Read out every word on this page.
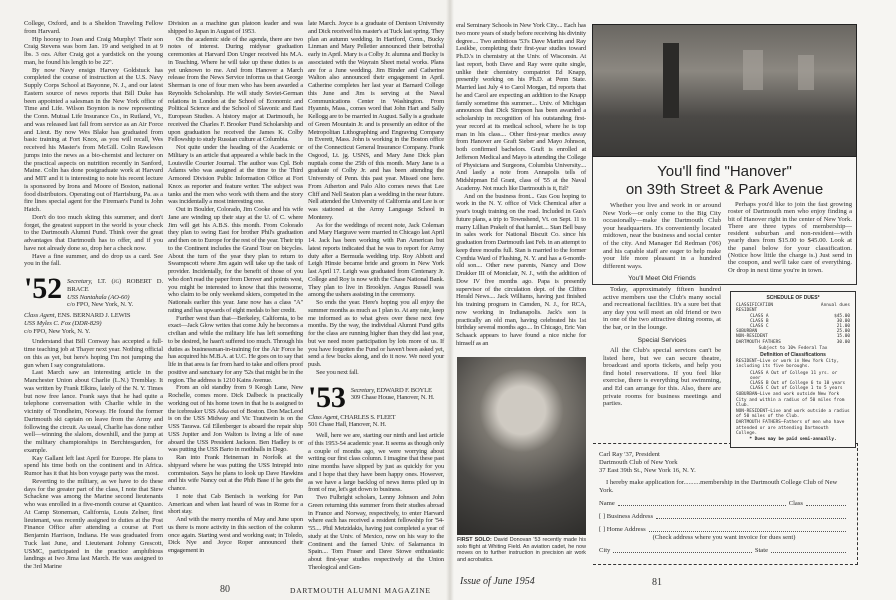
College, Oxford, and is a Sheldon Traveling Fellow from Harvard.

Hip hooray to Joan and Craig Murphy! Their son Craig Stevens was born Jan. 19 and weighed in at 9 lbs. 3 ozs. After Craig got a yardstick on the young man, he found his length to be 22".

By now Navy ensign Harvey Goldstuck has completed the course of instruction at the U.S. Navy Supply Corps School at Bayonne, N. J., and our latest Eastern source of news reports that Bill Duke has been appointed a salesman in the New York office of Time and Life. Wilson Boynton is now representing the Conn. Mutual Life Insurance Co., in Rutland, Vt., and was released last fall from service as an Air Force and Lieut. By now Wes Blake has graduated from basic training at Fort Knox, as you will recall, Wes received his Master's from McGill. Colin Rawleson jumps into the news as a bio-chemist and lecturer on the practical aspects on nutrition recently in Sanford, Maine. Colin has done postgraduate work at Harvard and MIT and it is interesting to note his recent lecture is sponsored by Irons and Moore of Boston, national food distributors. Operating out of Harrisburg, Pa. as a fire lines special agent for the Fireman's Fund is John Hatch.

Don't do too much skiing this summer, and don't forget, the greatest support in the world is your check to the Dartmouth Alumni Fund. Think over the great advantages that Dartmouth has to offer, and if you have not already done so, drop her a check now.

Have a fine summer, and do drop us a card. See you in the fall.

'52 Secretary, LT. (jg) ROBERT D. BRACE
USS Nantahala (AO-60)
c/o FPO, New York, N. Y.
Class Agent, ENS. BERNARD J. LEWIS
USS Myles C. Fox (DDR-829)
c/o FPO, New York, N. Y.

Understand that Bill Conway has accepted a full-time teaching job at Thayer next year. Nothing official on this as yet, but here's hoping I'm not jumping the gun when I say congratulations.

Last March saw an interesting article in the Manchester Union about Charlie (L.N.) Tremblay. It was written by Frank Elkins, lately of the N. Y. Times but now free lance. Frank says that he had quite a telephone conversation with Charlie while in the vicinity of Trondheim, Norway. He found the former Dartmouth ski captain on leave from the Army and following the circuit. As usual, Charlie has done rather well—winning the slalom, downhill, and the jump at the military championships in Berchtesgarden, for example.

Kay Gallant left last April for Europe. He plans to spend his time both on the continent and in Africa. Rumor has it that his bon voyage party was the most.

Reverting to the military, as we have to do these days for the greater part of the class, I note that Stew Schackne was among the Marine second lieutenants who was enrolled in a five-month course at Quantico. At Camp Stoneman, California, Louis Zelner, first lieutenant, was recently assigned to duties at the Post Finance Office after attending a course at Fort Benjamin Harrison, Indiana. He was graduated from Tuck last June, and Lieutenant Johnny Grescott, USMC, participated in the practice amphibious landings at Iwo Jima last March. He was assigned to the 3rd Marine

Division as a machine gun platoon leader and was shipped to Japan in August of 1953.

On the academic side of the agenda, there are two notes of interest. During midyear graduation ceremonies at Harvard Don Unger received his M.A. in Teaching. Where he will take up these duties is as yet unknown to me. And from Hanover a March release from the News Service informs us that George Sherman is one of four men who has been awarded a Reynolds Scholarship. He will study Soviet-German relations in London at the School of Economic and Political Science and the School of Slavonic and East European Studies. A history major at Dartmouth, he received the Charles F. Brooker Fund Scholarship and upon graduation he received the James K. Colby Fellowship to study Russian culture at Columbia.

Not quite under the heading of the Academic or Military is an article that appeared a while back in the Louisville Courier Journal. The author was Cpl. Bob Adams who was assigned at the time to the Third Armored Division Public Information Office at Fort Knox as reporter and feature writer. The subject was tanks and the men who work with them and the story was incidentally a most interesting one.

Out in Boulder, Colorado, Jim Cooke and his wife Jane are winding up their stay at the U. of C. where Jim will get his A.B.S. this month. From Colorado they plan to swing East for brother Phil's graduation and then on to Europe for the rest of the year. Their trip to the Continent includes the Grand Tour on bicycles. About the turn of the year they plan to return to Swampscott where Jim again will take up the task of provider. Incidentally, for the benefit of those of you who don't read the paper from Denver and points west, you might be interested to know that this twosome, who claim to be only weekend skiers, competed in the Nationals earlier this year. Jane now has a class "A" rating and has upwards of eight medals to her credit.

Further west than that—Berkeley, California, to be exact—Jack Glow writes that come July he becomes a civilian and while the military life has left something to be desired, he hasn't suffered too much. Through his duties as businessman-in-training for the Air Force he has acquired his M.B.A. at U.C. He goes on to say that life in that area is far from hard to take and offers proof positive and sanctuary for any '52s that might be in the region. The address is 1210 Kains Avenue.

From an old standby from 9 Keogh Lane, New Rochelle, comes more. Dick Dalbeck is practically working out of his home town in that he is assigned to the icebreaker USS Atka out of Boston. Don MacLeod is on the USS Midway and Vic Trautwein is on the USS Tarawa. Gil Ellenberger is aboard the repair ship USS Jupiter and Jon Walton is living a life of ease aboard the USS President Jackson. Ben Hadley is or was putting the USS Barto in mothballs in Dego.

Ran into Frank Heineman in Norfolk at the shipyard where he was putting the USS Intrepid into commission. Says he plans to look up Dave Hawkins and his wife Nancy out at the Phib Base if he gets the chance.

I note that Cab Benisch is working for Pan American and when last heard of was in Rome for a short stay.

And with the merry months of May and June upon us there is more activity in this section of the column once again. Starting west and working east; in Toledo, Dick Nye and Joyce Roper announced their engagement in

late March. Joyce is a graduate of Denison University and Dick received his master's at Tuck last spring. They plan an autumn wedding. In Hartford, Conn., Bucky Linman and Mary Pelletier announced their betrothal early in April. Mary is a Colby Jr. alumna and Bucky is associated with the Wayrain Sheet metal works. Plans are for a June wedding. Jim Binder and Catherine Walton also announced their engagement in April. Catherine completes her last year at Barnard College this June and Jim is serving at the Naval Communications Center in Washington. From Hyannis, Mass., comes word that John Hart and Sally Kellogg are to be married in August. Sally is a graduate of Green Mountain Jr. and is presently an editor of the Metropolitan Lithographing and Engraving Company in Everett, Mass. John is working in the Boston office of the Connecticut General Insurance Company. Frank Osgood, Lt. jg. USNS, and Mary Jane Dick plan nuptials come the 25th of this month. Mary Jane is a graduate of Colby Jr. and has been attending the University of Penn. this past year. Missed one here. From Atherton and Palo Alto comes news that Lee Cliff and Nell Seaton plan a wedding in the near future. Nell attended the University of California and Lee is or was stationed at the Army Language School in Monterey.

As for the weddings of recent note, Jack Coleman and Mary Hargrave were married in Chicago last April 14. Jack has been working with Pan American but latest reports indicated that he was to report for Army duty after a Bermuda wedding trip. Roy Abbott and Leigh Hinsie became bride and groom in New York last April 17. Leigh was graduated from Centenary Jr. College and Roy is now with the Chase National Bank. They plan to live in Brooklyn. Angus Russell was among the ushers assisting in the ceremony.

So ends the year. Here's hoping you all enjoy the summer months as much as I plan to. At any rate, keep me informed as to what gives over these next few months. By the way, the individual Alumni Fund gifts for the class are running higher than they did last year, but we need more participation by lots more of us. If you have forgotten the Fund or haven't been asked yet, send a few bucks along, and do it now. We need your push.

See you next fall.

'53 Secretary, EDWARD F. BOYLE
309 Chase House, Hanover, N. H.
Class Agent, CHARLES S. FLEET
501 Chase Hall, Hanover, N. H.

Well, here we are, starting our ninth and last article of this 1953-54 academic year. It seems as though only a couple of months ago, we were worrying about writing our first class column. I imagine that these past nine months have slipped by just as quickly for you and I hope that they have been happy ones. However, as we have a large backlog of news items piled up in front of me, let's get down to business.

Two Fulbright scholars, Lenny Johnson and John Green returning this summer from their studies abroad in France and Norway, respectively, to enter Harvard where each has received a resident fellowship for '54-'55.... Phil Metzidakis, having just completed a year of study at the Univ. of Mexico, now on his way to the Continent and the famed Univ. of Salamanca in Spain.... Tom Fraser and Dave Stowe enthusiastic about first-year studies respectively at the Union Theological and Gen-

80	DARTMOUTH ALUMNI MAGAZINE

eral Seminary Schools in New York City.... Each has two more years of study before receiving his divinity degree.... Two ambitious '53's Dave Martin and Ray Lesikbe, completing their first-year studies toward Ph.D.'s in chemistry at the Univ. of Wisconsin. At last report, both Dave and Ray were quite single, unlike their chemistry compatriot Ed Knapp, presently working on his Ph.D. at Penn State. Married last July 4 to Carol Morgan, Ed reports that he and Carol are expecting an addition to the Knapp family sometime this summer.... Univ. of Michigan announces that Dick Simpson has been awarded a scholarship in recognition of his outstanding first-year record at its medical school, where he is top man in his class.... Other first-year medics away from Hanover are Graft Sieber and Mayo Johnson, both confirmed bachelors. Graft is enrolled at Jefferson Medical and Mayo is attending the College of Physicians and Surgeons, Columbia University.... And lastly a note from Annapolis tells of Midshipman Ed Grant, class of '55 at the Naval Academy. Not much like Dartmouth is it, Ed?

And on the business front... Gus Gou hoping to work in the N. Y. office of Vick Chemical after a year's tough training on the road. Included in Gus's future plans, a trip to Townshend, Vt. on Sept. 11 to marry Lillian Prakelt of that hamlet.... Stan Bell busy in sales work for National Biscuit Co. since his graduation from Dartmouth last Feb. in an attempt to keep three mouths full. Stan is married to the former Cynthia Ward of Flushing, N. Y. and has a 6-month-old son.... Other new parents, Nancy and Dow Drukker III of Montclair, N. J., with the addition of Dow IV five months ago. Papa is presently supervisor of the circulation dept. of the Clifton Herald News.... Jack Williams, having just finished his training program in Camden, N. J., for RCA, now working in Indianapolis. Jack's son is practically an old man, having celebrated his 1st birthday several months ago.... In Chicago, Eric Van Schaack appears to have found a nice niche for himself as an

FIRST SOLO: David Donovan '53 recently made his solo flight at Whiting Field. An aviation cadet, he now moves on to further instruction in precision air work and acrobatics.
Issue of June 1954	81
You'll find "Hanover"
on 39th Street & Park Avenue

Whether you live and work in or around New York—or only come to the Big City occasionally—make the Dartmouth Club your headquarters. It's conveniently located midtown, near the business and social center of the city. And Manager Ed Redman ('06) and his capable staff are eager to help make your life more pleasant in a hundred different ways.

You'll Meet Old Friends

Today, approximately fifteen hundred active members use the Club's many social and recreational facilities. It's a sure bet that any day you will meet an old friend or two in one of the two attractive dining rooms, at the bar, or in the lounge.

Special Services

All the Club's special services can't be listed here, but we can secure theatre, broadcast and sports tickets, and help you find hotel reservations. If you feel like exercise, there is everything but swimming, and Ed can arrange for this. Also, there are private rooms for business meetings and parties.

Perhaps you'd like to join the fast growing roster of Dartmouth men who enjoy finding a bit of Hanover right in the center of New York. There are three types of membership—resident suburban and non-resident—with yearly dues from $15.00 to $45.00. Look at the panel below for your classification. (Notice how little the charge is.) Just send in the coupon, and we'll take care of everything. Or drop in next time you're in town.

SCHEDULE OF DUES*
CLASSIFICATION	Annual dues
RESIDENT
CLASS A	$45.00
CLASS B	30.00
CLASS C	21.00
SUBURBAN	25.00
NON-RESIDENT	15.00
DARTMOUTH FATHERS	30.00
Subject to 10% Federal Tax
Definition of Classifications
RESIDENT—Live or work in New York City, including its five boroughs.
CLASS A Out of College 11 yrs. or over
CLASS B Out of College 6 to 10 years
CLASS C Out of College 1 to 5 years
SUBURBAN—Live and work outside New York City and within a radius of 50 miles from Club.
NON-RESIDENT—Live and work outside a radius of 50 miles of the Club.
DARTMOUTH FATHERS—Fathers of men who have attended or are attending Dartmouth College.
* Dues may be paid semi-annually.
Carl Ray '37, President
Dartmouth Club of New York
37 East 39th St., New York 16, N. Y.
I hereby make application for..........membership in the Dartmouth College Club of New York.
Name	Class
[ ] Business Address
[ ] Home Address
(Check address where you want invoice for dues sent)
City	State
